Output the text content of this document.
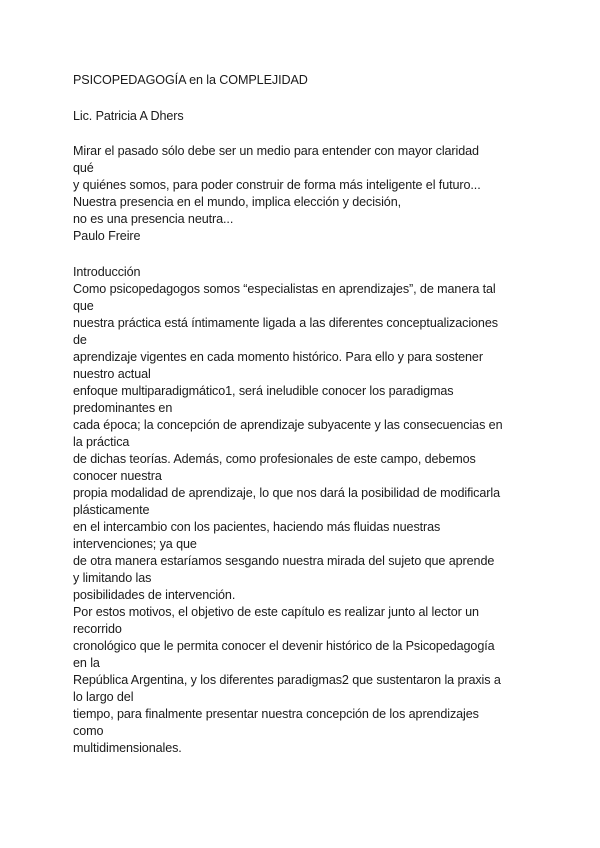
PSICOPEDAGOGÍA en la COMPLEJIDAD
Lic. Patricia A Dhers
Mirar el pasado sólo debe ser un medio para entender con mayor claridad
qué
y quiénes somos, para poder construir de forma más inteligente el futuro...
Nuestra presencia en el mundo, implica elección y decisión,
no es una presencia neutra...
Paulo Freire
Introducción
Como psicopedagogos somos “especialistas en aprendizajes”, de manera tal
que
nuestra práctica está íntimamente ligada a las diferentes conceptualizaciones
de
aprendizaje vigentes en cada momento histórico. Para ello y para sostener
nuestro actual
enfoque multiparadigmático1, será ineludible conocer los paradigmas
predominantes en
cada época; la concepción de aprendizaje subyacente y las consecuencias en
la práctica
de dichas teorías. Además, como profesionales de este campo, debemos
conocer nuestra
propia modalidad de aprendizaje, lo que nos dará la posibilidad de modificarla
plásticamente
en el intercambio con los pacientes, haciendo más fluidas nuestras
intervenciones; ya que
de otra manera estaríamos sesgando nuestra mirada del sujeto que aprende
y limitando las
posibilidades de intervención.
Por estos motivos, el objetivo de este capítulo es realizar junto al lector un
recorrido
cronológico que le permita conocer el devenir histórico de la Psicopedagogía
en la
República Argentina, y los diferentes paradigmas2 que sustentaron la praxis a
lo largo del
tiempo, para finalmente presentar nuestra concepción de los aprendizajes
como
multidimensionales.
